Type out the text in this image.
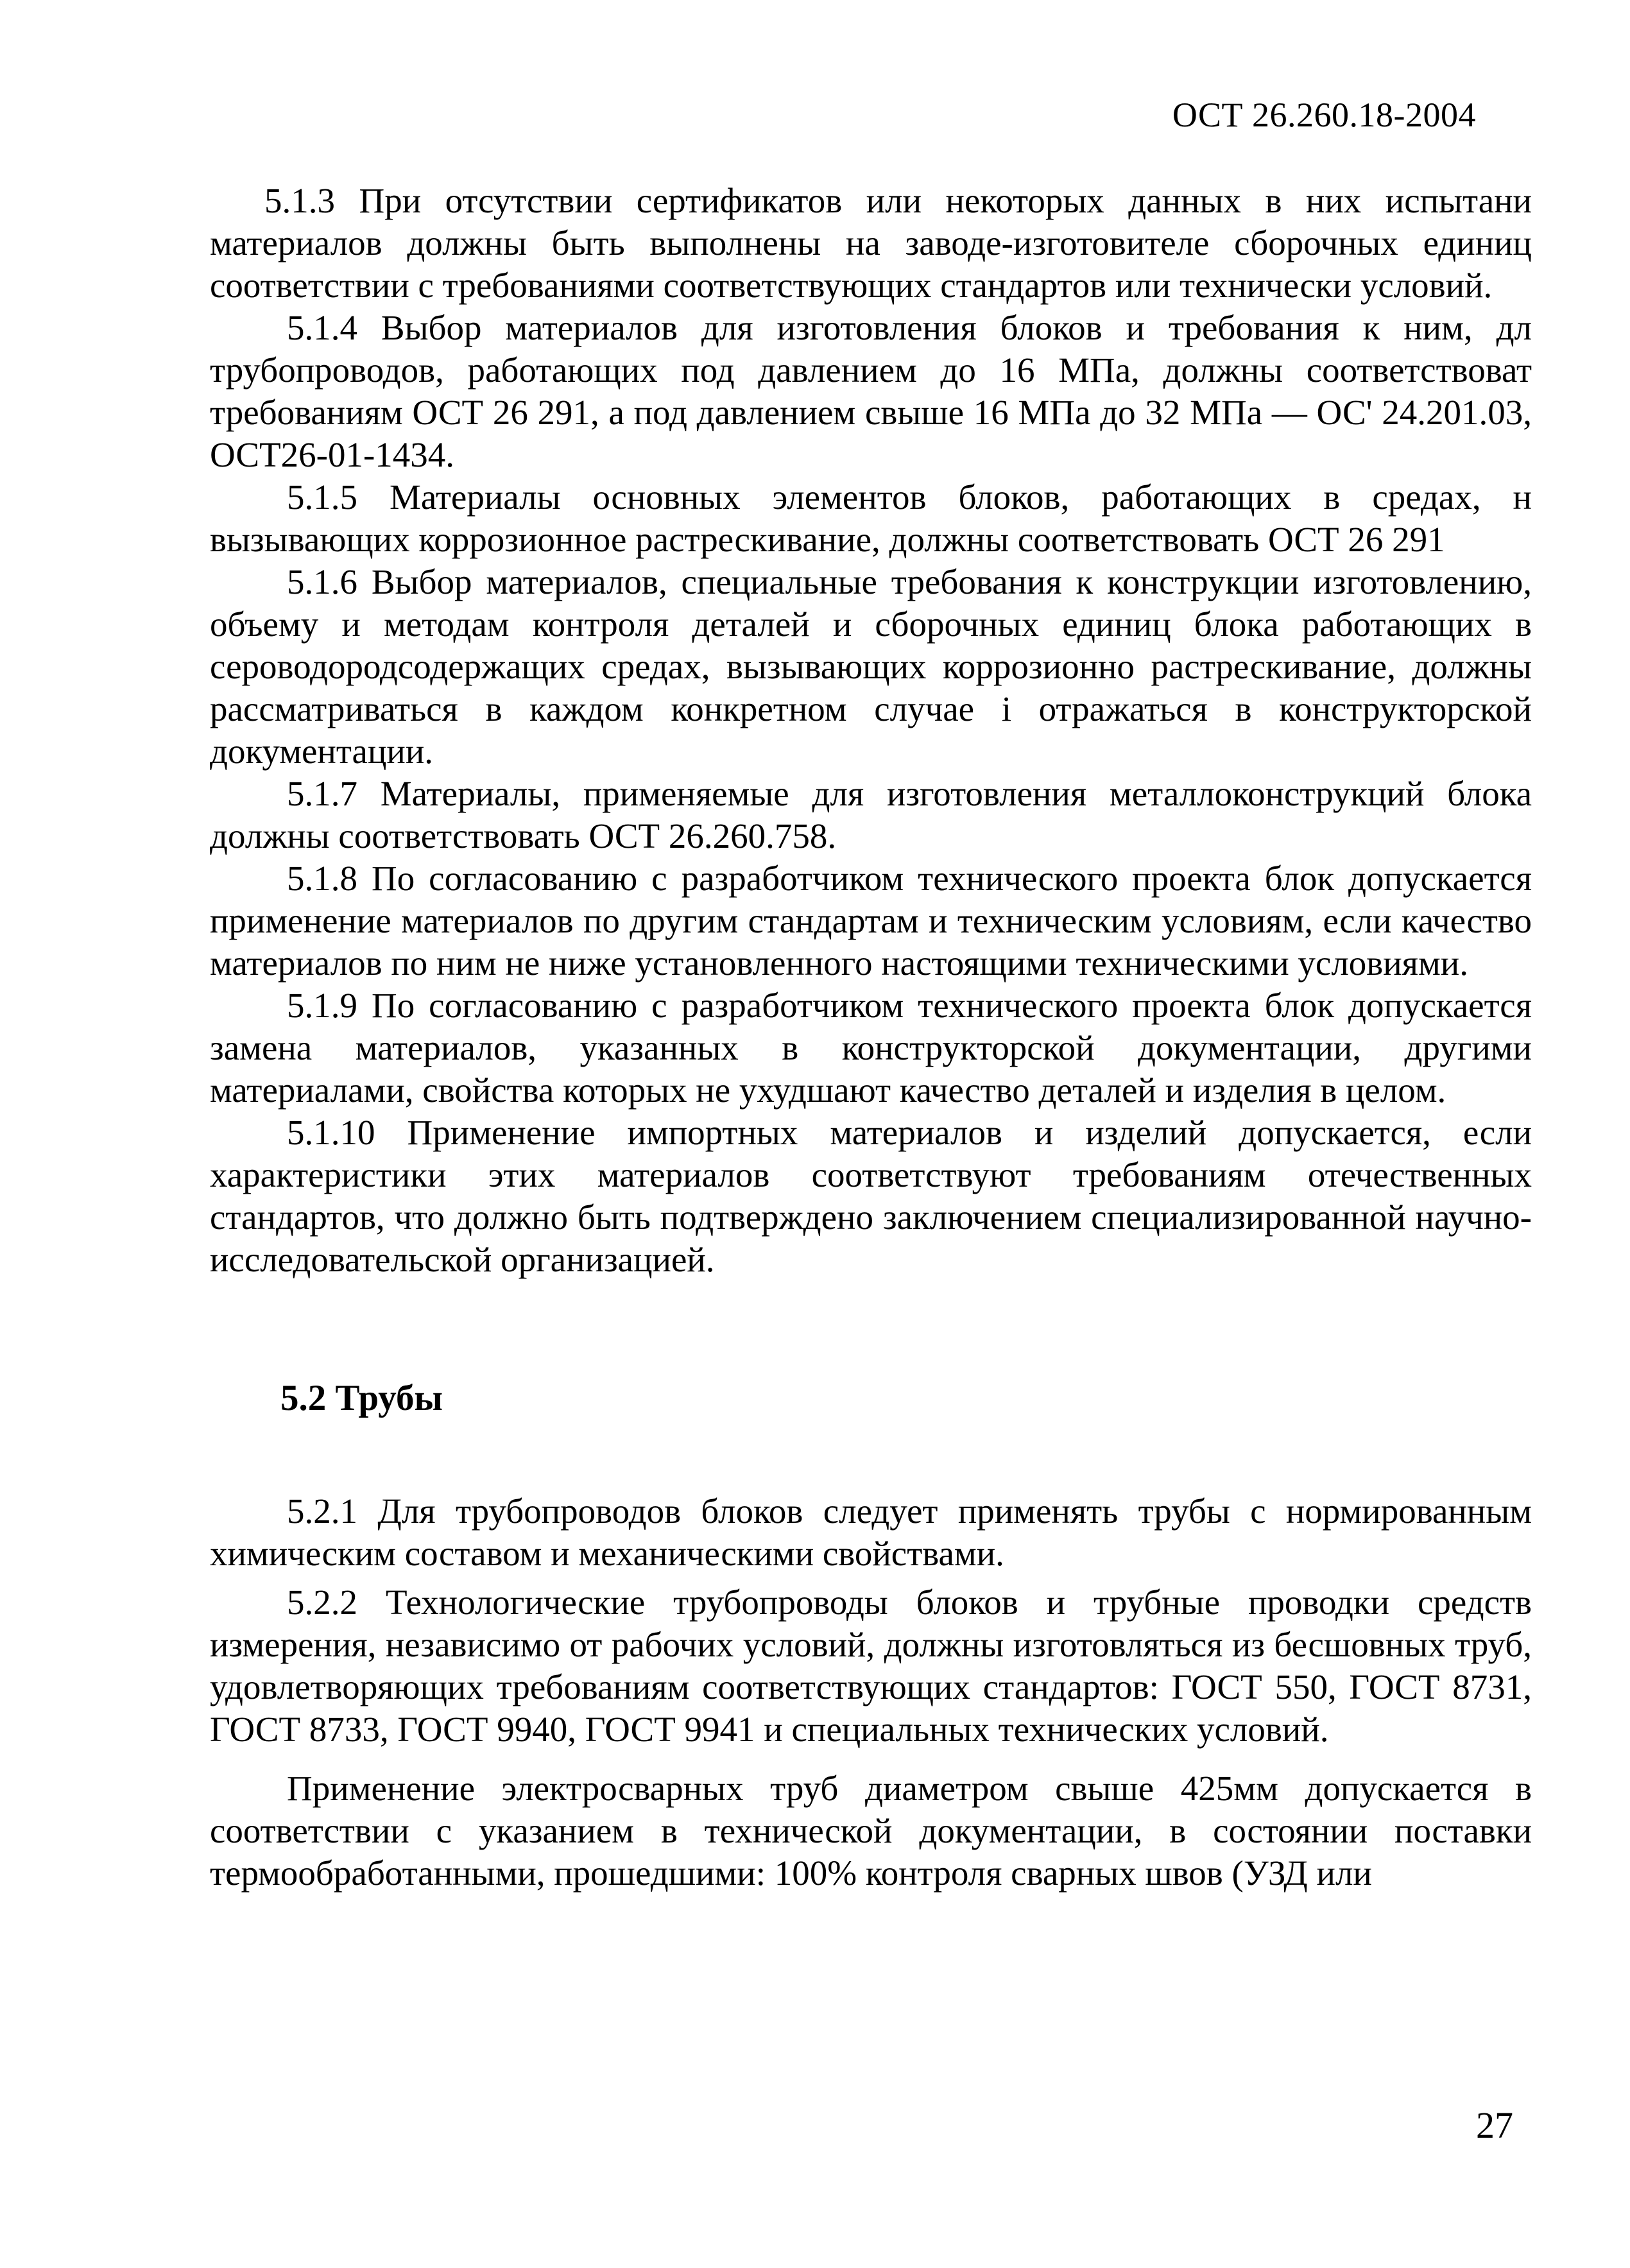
ОСТ 26.260.18-2004

5.1.3 При отсутствии сертификатов или некоторых данных в них испытани материалов должны быть выполнены на заводе-изготовителе сборочных единиц соответствии с требованиями соответствующих стандартов или технически условий.

5.1.4 Выбор материалов для изготовления блоков и требования к ним, дл трубопроводов, работающих под давлением до 16 МПа, должны соответствоват требованиям ОСТ 26 291, а под давлением свыше 16 МПа до 32 МПа — ОС' 24.201.03, ОСТ26-01-1434.

5.1.5 Материалы основных элементов блоков, работающих в средах, н вызывающих коррозионное растрескивание, должны соответствовать ОСТ 26 291

5.1.6 Выбор материалов, специальные требования к конструкции изготовлению, объему и методам контроля деталей и сборочных единиц блока работающих в сероводородсодержащих средах, вызывающих коррозионно растрескивание, должны рассматриваться в каждом конкретном случае і отражаться в конструкторской документации.

5.1.7 Материалы, применяемые для изготовления металлоконструкций блока должны соответствовать ОСТ 26.260.758.

5.1.8 По согласованию с разработчиком технического проекта блок допускается применение материалов по другим стандартам и техническим условиям, если качество материалов по ним не ниже установленного настоящими техническими условиями.

5.1.9 По согласованию с разработчиком технического проекта блок допускается замена материалов, указанных в конструкторской документации, другими материалами, свойства которых не ухудшают качество деталей и изделия в целом.

5.1.10 Применение импортных материалов и изделий допускается, если характеристики этих материалов соответствуют требованиям отечественных стандартов, что должно быть подтверждено заключением специализированной научно-исследовательской организацией.

5.2 Трубы

5.2.1 Для трубопроводов блоков следует применять трубы с нормированным химическим составом и механическими свойствами.

5.2.2 Технологические трубопроводы блоков и трубные проводки средств измерения, независимо от рабочих условий, должны изготовляться из бесшовных труб, удовлетворяющих требованиям соответствующих стандартов: ГОСТ 550, ГОСТ 8731, ГОСТ 8733, ГОСТ 9940, ГОСТ 9941 и специальных технических условий.

Применение электросварных труб диаметром свыше 425мм допускается в соответствии с указанием в технической документации, в состоянии поставки термообработанными, прошедшими: 100% контроля сварных швов (УЗД или

27
